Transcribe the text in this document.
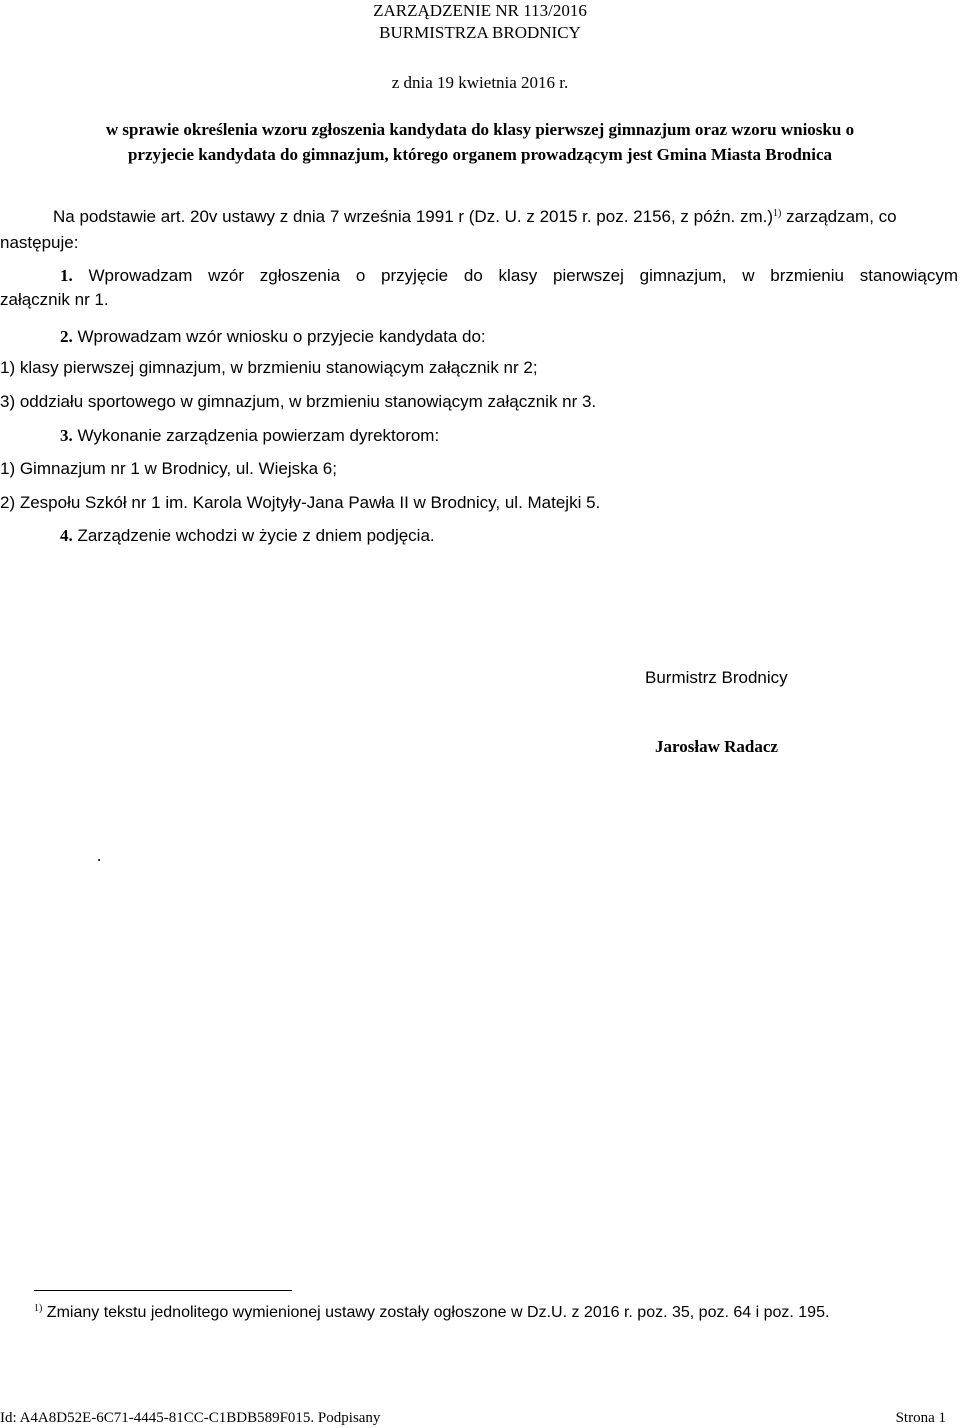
ZARZĄDZENIE NR 113/2016
BURMISTRZA BRODNICY
z dnia 19 kwietnia 2016 r.
w sprawie określenia wzoru zgłoszenia kandydata do klasy pierwszej gimnazjum oraz wzoru wniosku o
przyjecie kandydata do gimnazjum, którego organem prowadzącym jest Gmina Miasta Brodnica
Na podstawie art. 20v ustawy z dnia 7 września 1991 r (Dz. U. z 2015 r. poz. 2156, z późn. zm.)$^{1)}$ zarządzam, co
następuje:
1. Wprowadzam wzór zgłoszenia o przyjęcie do klasy pierwszej gimnazjum, w brzmieniu stanowiącym
załącznik nr 1.
2. Wprowadzam wzór wniosku o przyjecie kandydata do:
1) klasy pierwszej gimnazjum, w brzmieniu stanowiącym załącznik nr 2;
3) oddziału sportowego w gimnazjum, w brzmieniu stanowiącym załącznik nr 3.
3. Wykonanie zarządzenia powierzam dyrektorom:
1) Gimnazjum nr 1 w Brodnicy, ul. Wiejska 6;
2) Zespołu Szkół nr 1 im. Karola Wojtyły-Jana Pawła II w Brodnicy, ul. Matejki 5.
4. Zarządzenie wchodzi w życie z dniem podjęcia.
Burmistrz Brodnicy
Jarosław Radacz
.
$^{1)}$ Zmiany tekstu jednolitego wymienionej ustawy zostały ogłoszone w Dz.U. z 2016 r. poz. 35, poz. 64 i poz. 195.
Id: A4A8D52E-6C71-4445-81CC-C1BDB589F015. Podpisany	Strona 1
